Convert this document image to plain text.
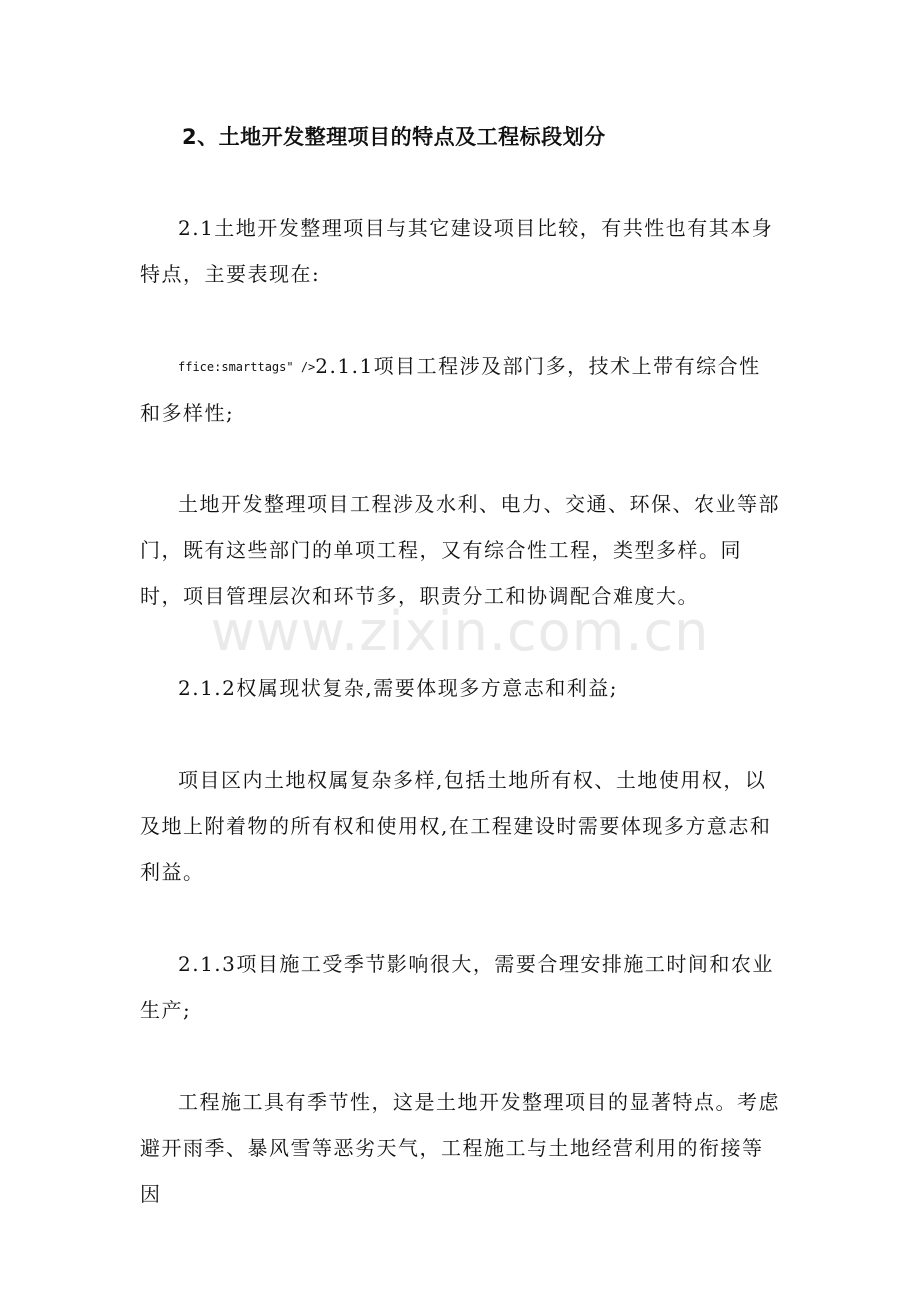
2、土地开发整理项目的特点及工程标段划分

2.1土地开发整理项目与其它建设项目比较，有共性也有其本身特点，主要表现在:

ffice:smarttags" />2.1.1项目工程涉及部门多，技术上带有综合性和多样性;

土地开发整理项目工程涉及水利、电力、交通、环保、农业等部门，既有这些部门的单项工程，又有综合性工程，类型多样。同时，项目管理层次和环节多，职责分工和协调配合难度大。

2.1.2权属现状复杂,需要体现多方意志和利益;

项目区内土地权属复杂多样,包括土地所有权、土地使用权，以及地上附着物的所有权和使用权,在工程建设时需要体现多方意志和利益。

2.1.3项目施工受季节影响很大，需要合理安排施工时间和农业生产;

工程施工具有季节性，这是土地开发整理项目的显著特点。考虑避开雨季、暴风雪等恶劣天气，工程施工与土地经营利用的衔接等因

www.zixin.com.cn
